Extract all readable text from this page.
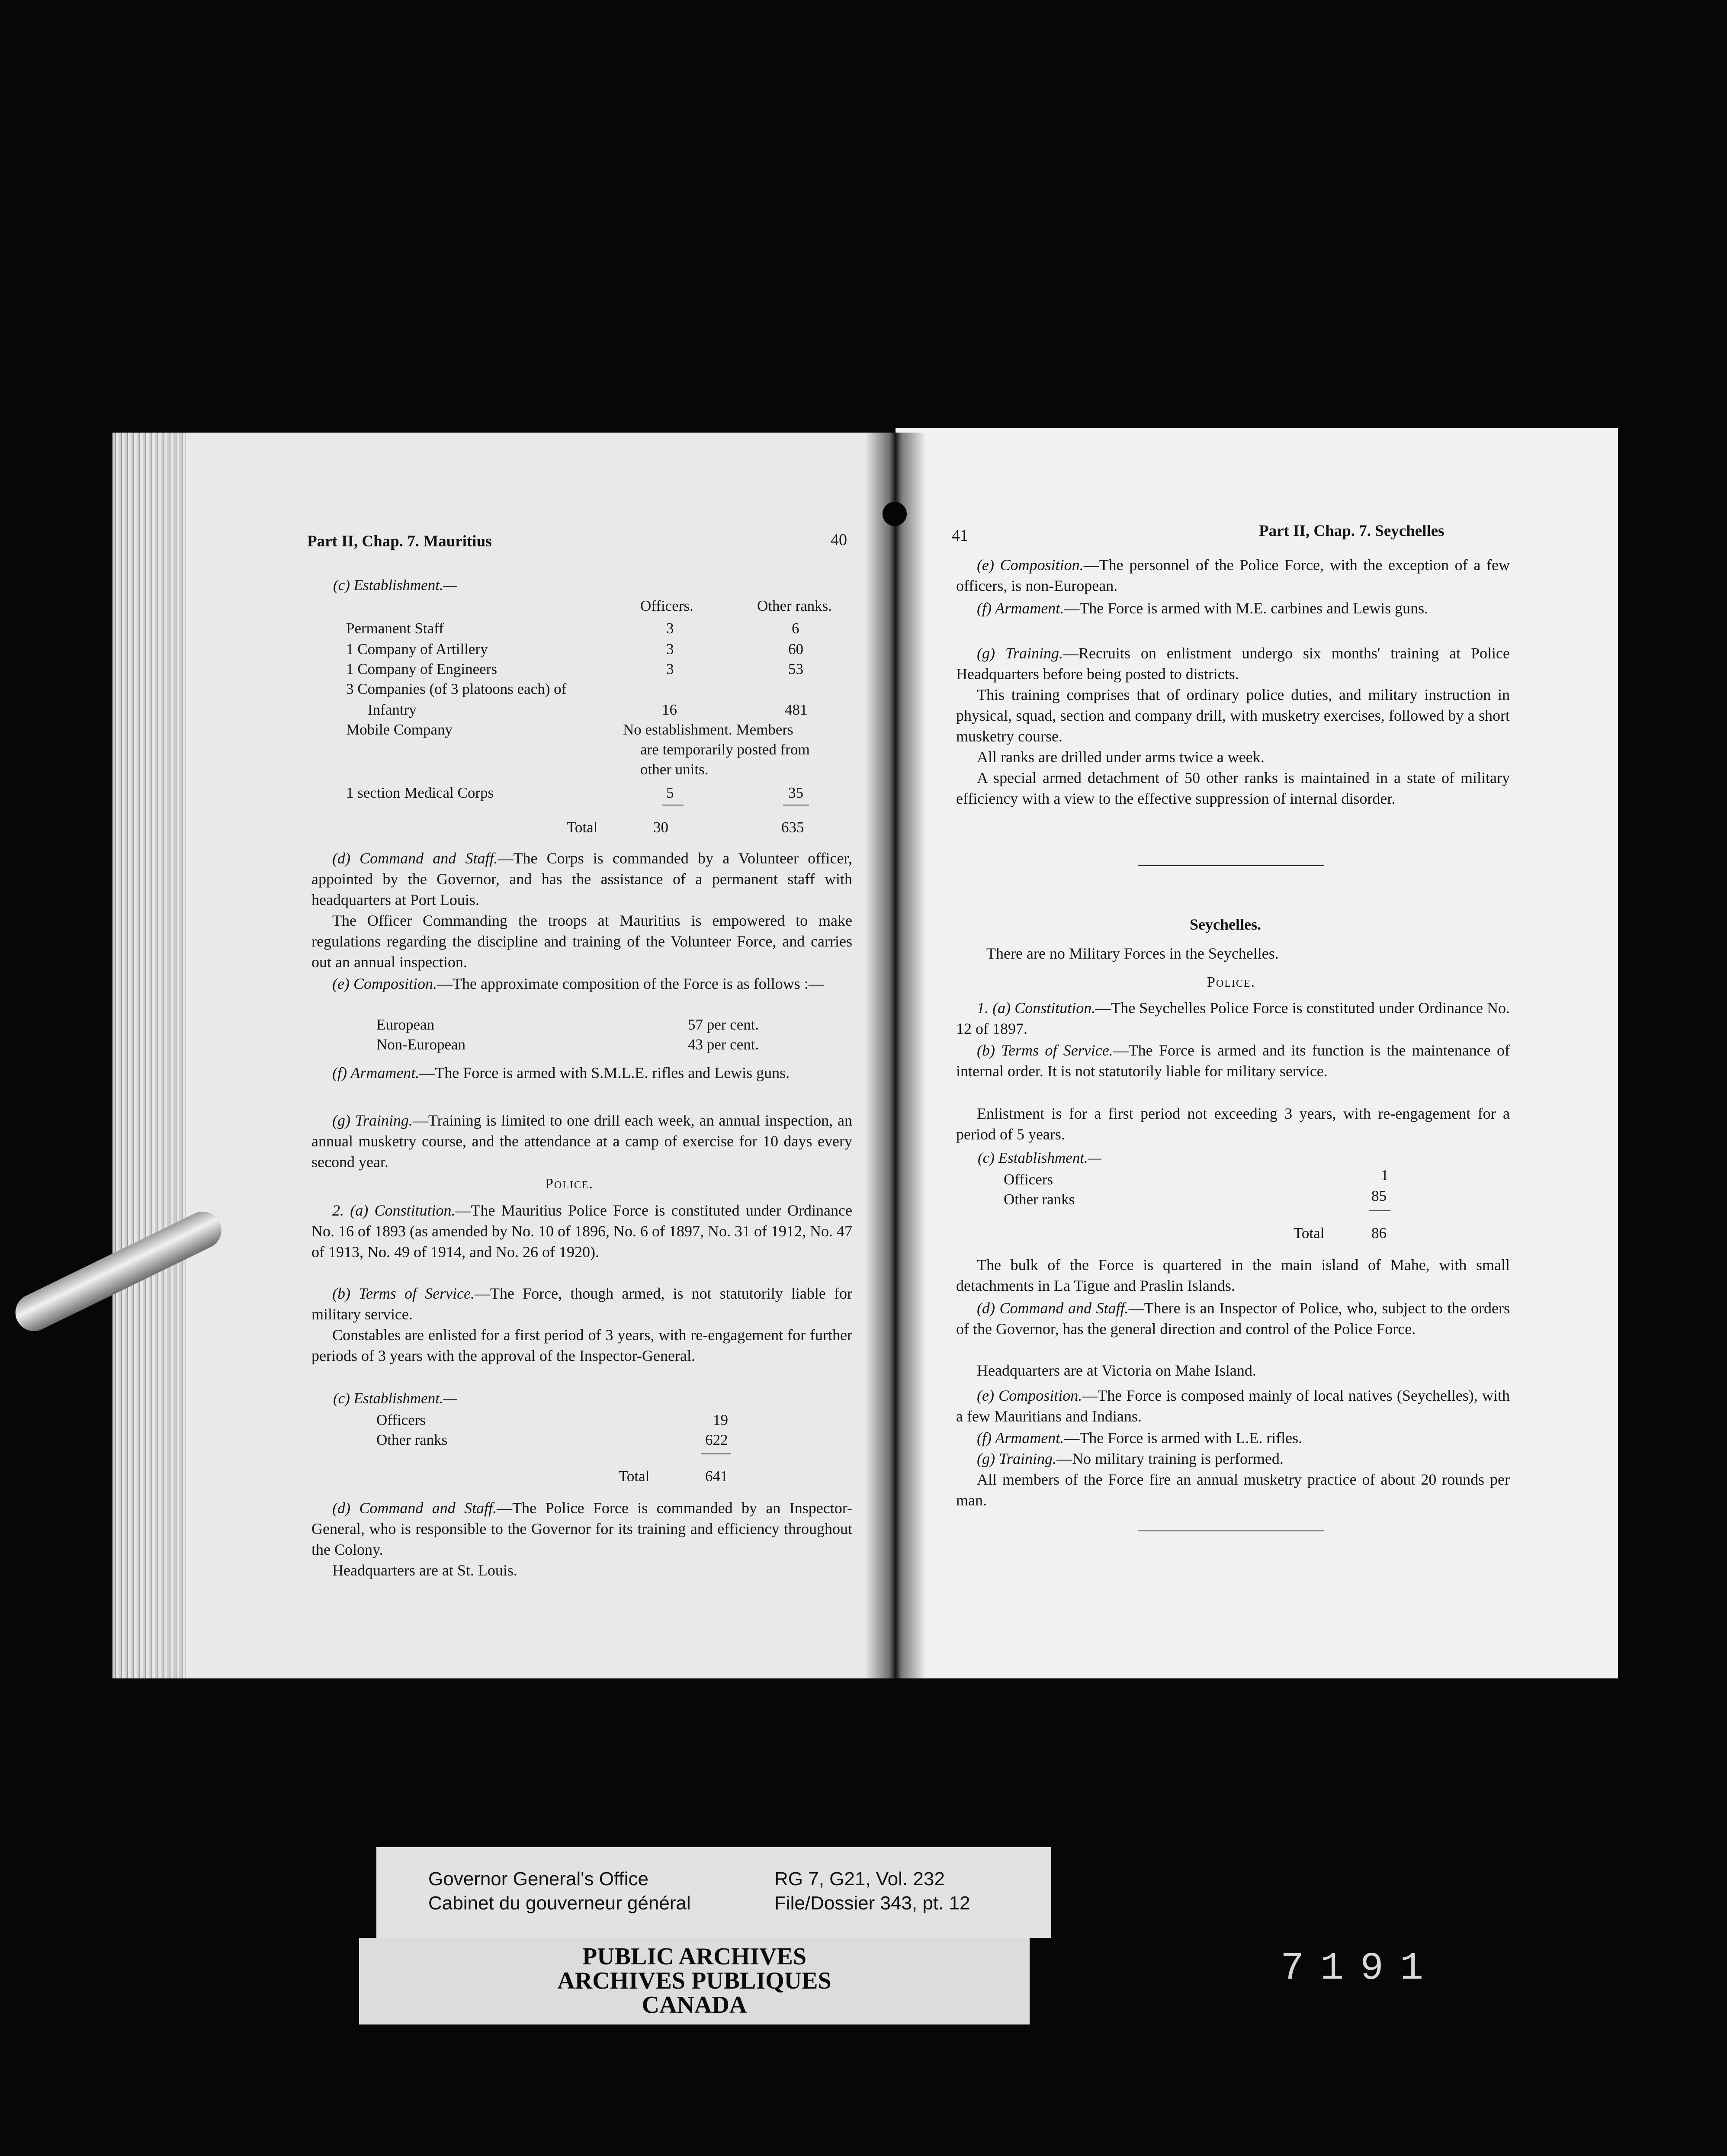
Part II, Chap. 7. Mauritius	40
(c) Establishment.—
Officers.	Other ranks.
Permanent Staff	3	6
1 Company of Artillery	3	60
1 Company of Engineers	3	53
3 Companies (of 3 platoons each) of
Infantry	16	481
Mobile Company	No establishment. Members
are temporarily posted from
other units.
1 section Medical Corps	5	35
Total	30	635
(d) Command and Staff.—The Corps is commanded by a Volunteer officer, appointed by the Governor, and has the assistance of a permanent staff with headquarters at Port Louis.
The Officer Commanding the troops at Mauritius is empowered to make regulations regarding the discipline and training of the Volunteer Force, and carries out an annual inspection.
(e) Composition.—The approximate composition of the Force is as follows :—
European	57 per cent.
Non-European	43 per cent.
(f) Armament.—The Force is armed with S.M.L.E. rifles and Lewis guns.
(g) Training.—Training is limited to one drill each week, an annual inspection, an annual musketry course, and the attendance at a camp of exercise for 10 days every second year.
Police.
2. (a) Constitution.—The Mauritius Police Force is constituted under Ordinance No. 16 of 1893 (as amended by No. 10 of 1896, No. 6 of 1897, No. 31 of 1912, No. 47 of 1913, No. 49 of 1914, and No. 26 of 1920).
(b) Terms of Service.—The Force, though armed, is not statutorily liable for military service.
Constables are enlisted for a first period of 3 years, with re-engagement for further periods of 3 years with the approval of the Inspector-General.
(c) Establishment.—
Officers	19
Other ranks	622
Total	641
(d) Command and Staff.—The Police Force is commanded by an Inspector-General, who is responsible to the Governor for its training and efficiency throughout the Colony.
Headquarters are at St. Louis.
41	Part II, Chap. 7. Seychelles
(e) Composition.—The personnel of the Police Force, with the exception of a few officers, is non-European.
(f) Armament.—The Force is armed with M.E. carbines and Lewis guns.
(g) Training.—Recruits on enlistment undergo six months' training at Police Headquarters before being posted to districts.
This training comprises that of ordinary police duties, and military instruction in physical, squad, section and company drill, with musketry exercises, followed by a short musketry course.
All ranks are drilled under arms twice a week.
A special armed detachment of 50 other ranks is maintained in a state of military efficiency with a view to the effective suppression of internal disorder.
Seychelles.
There are no Military Forces in the Seychelles.
Police.
1. (a) Constitution.—The Seychelles Police Force is constituted under Ordinance No. 12 of 1897.
(b) Terms of Service.—The Force is armed and its function is the maintenance of internal order. It is not statutorily liable for military service.
Enlistment is for a first period not exceeding 3 years, with re-engagement for a period of 5 years.
(c) Establishment.—
Officers	1
Other ranks	85
Total	86
The bulk of the Force is quartered in the main island of Mahe, with small detachments in La Tigue and Praslin Islands.
(d) Command and Staff.—There is an Inspector of Police, who, subject to the orders of the Governor, has the general direction and control of the Police Force.
Headquarters are at Victoria on Mahe Island.
(e) Composition.—The Force is composed mainly of local natives (Seychelles), with a few Mauritians and Indians.
(f) Armament.—The Force is armed with L.E. rifles.
(g) Training.—No military training is performed.
All members of the Force fire an annual musketry practice of about 20 rounds per man.
Governor General's Office
Cabinet du gouverneur général
RG 7, G21, Vol. 232
File/Dossier 343, pt. 12
PUBLIC ARCHIVES
ARCHIVES PUBLIQUES
CANADA
7191
